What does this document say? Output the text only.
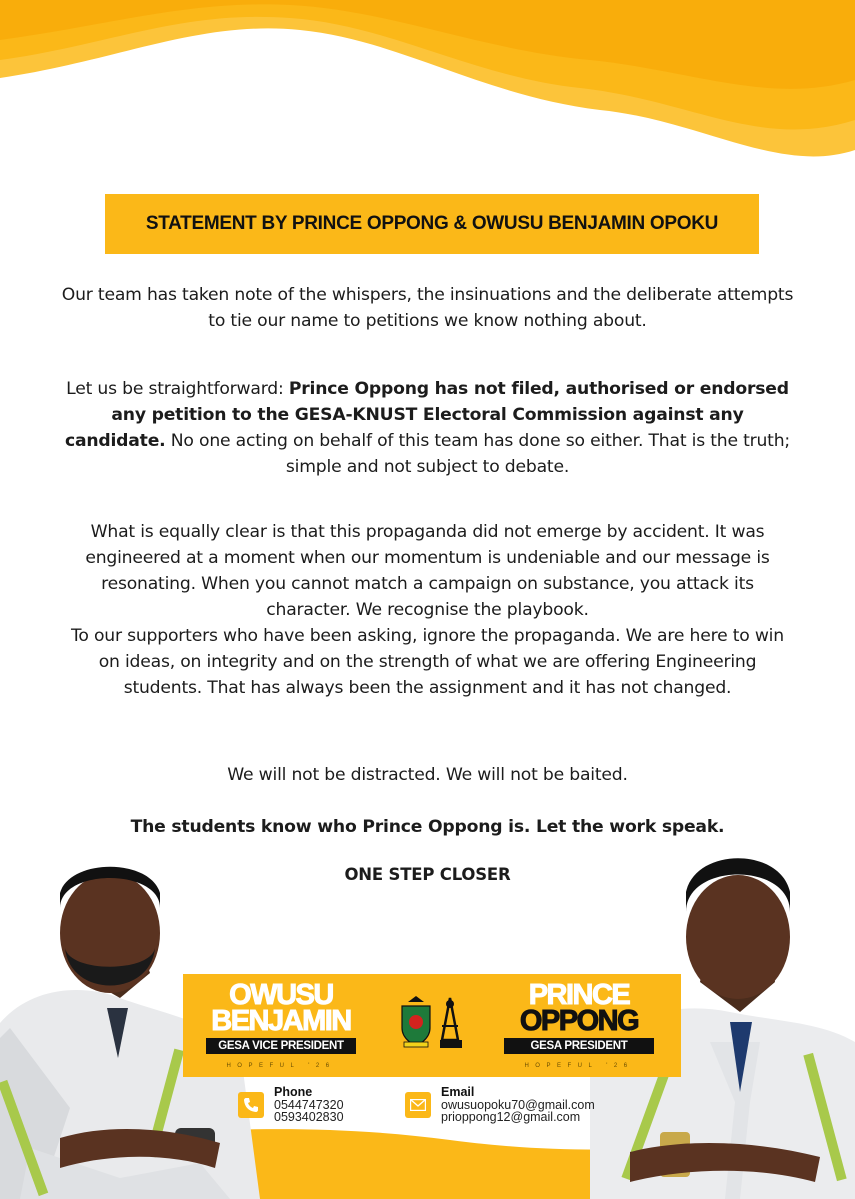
STATEMENT BY PRINCE OPPONG & OWUSU BENJAMIN OPOKU
Our team has taken note of the whispers, the insinuations and the deliberate attempts to tie our name to petitions we know nothing about.
Let us be straightforward: Prince Oppong has not filed, authorised or endorsed any petition to the GESA-KNUST Electoral Commission against any candidate. No one acting on behalf of this team has done so either. That is the truth; simple and not subject to debate.
What is equally clear is that this propaganda did not emerge by accident. It was engineered at a moment when our momentum is undeniable and our message is resonating. When you cannot match a campaign on substance, you attack its character. We recognise the playbook.
To our supporters who have been asking, ignore the propaganda. We are here to win on ideas, on integrity and on the strength of what we are offering Engineering students. That has always been the assignment and it has not changed.
We will not be distracted. We will not be baited.
The students know who Prince Oppong is. Let the work speak.
ONE STEP CLOSER
OWUSU
BENJAMIN
GESA VICE PRESIDENT
HOPEFUL '26
PRINCE
OPPONG
GESA PRESIDENT
HOPEFUL '26
Phone
0544747320
0593402830
Email
owusuopoku70@gmail.com
prioppong12@gmail.com
